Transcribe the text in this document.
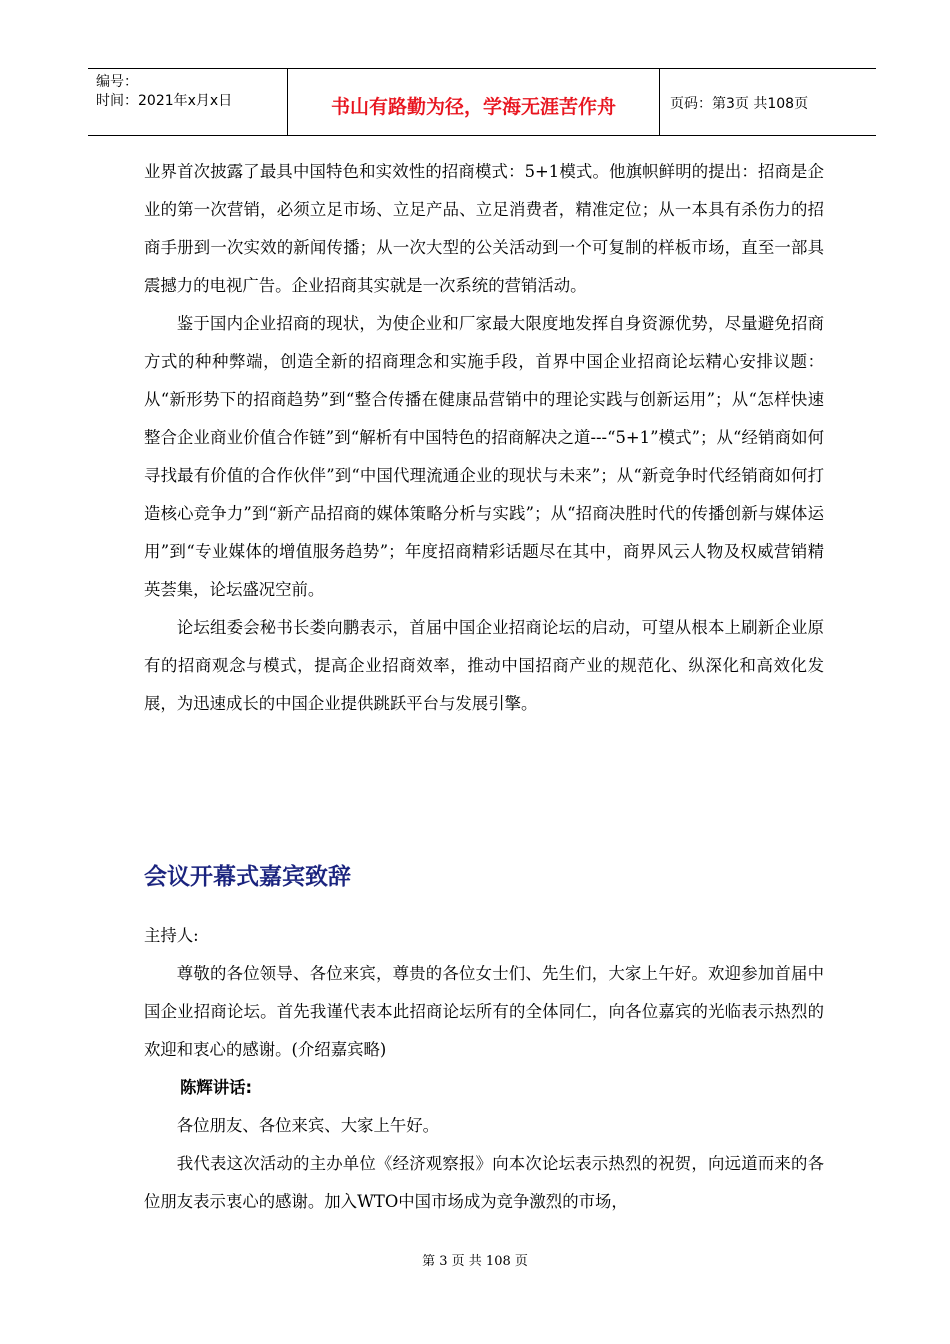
编号：
时间：2021年x月x日	书山有路勤为径，学海无涯苦作舟	页码：第3页 共108页

业界首次披露了最具中国特色和实效性的招商模式：5+1模式。他旗帜鲜明的提出：招商是企业的第一次营销，必须立足市场、立足产品、立足消费者，精准定位；从一本具有杀伤力的招商手册到一次实效的新闻传播；从一次大型的公关活动到一个可复制的样板市场，直至一部具震撼力的电视广告。企业招商其实就是一次系统的营销活动。

鉴于国内企业招商的现状，为使企业和厂家最大限度地发挥自身资源优势，尽量避免招商方式的种种弊端，创造全新的招商理念和实施手段，首界中国企业招商论坛精心安排议题：从“新形势下的招商趋势”到“整合传播在健康品营销中的理论实践与创新运用”；从“怎样快速整合企业商业价值合作链”到“解析有中国特色的招商解决之道---“5+1”模式”；从“经销商如何寻找最有价值的合作伙伴”到“中国代理流通企业的现状与未来”；从“新竞争时代经销商如何打造核心竞争力”到“新产品招商的媒体策略分析与实践”；从“招商决胜时代的传播创新与媒体运用”到“专业媒体的增值服务趋势”；年度招商精彩话题尽在其中，商界风云人物及权威营销精英荟集，论坛盛况空前。

论坛组委会秘书长娄向鹏表示，首届中国企业招商论坛的启动，可望从根本上刷新企业原有的招商观念与模式，提高企业招商效率，推动中国招商产业的规范化、纵深化和高效化发展，为迅速成长的中国企业提供跳跃平台与发展引擎。

会议开幕式嘉宾致辞

主持人:

尊敬的各位领导、各位来宾，尊贵的各位女士们、先生们，大家上午好。欢迎参加首届中国企业招商论坛。首先我谨代表本此招商论坛所有的全体同仁，向各位嘉宾的光临表示热烈的欢迎和衷心的感谢。(介绍嘉宾略)

陈辉讲话:

各位朋友、各位来宾、大家上午好。

我代表这次活动的主办单位《经济观察报》向本次论坛表示热烈的祝贺，向远道而来的各位朋友表示衷心的感谢。加入WTO中国市场成为竞争激烈的市场，

第 3 页 共 108 页
